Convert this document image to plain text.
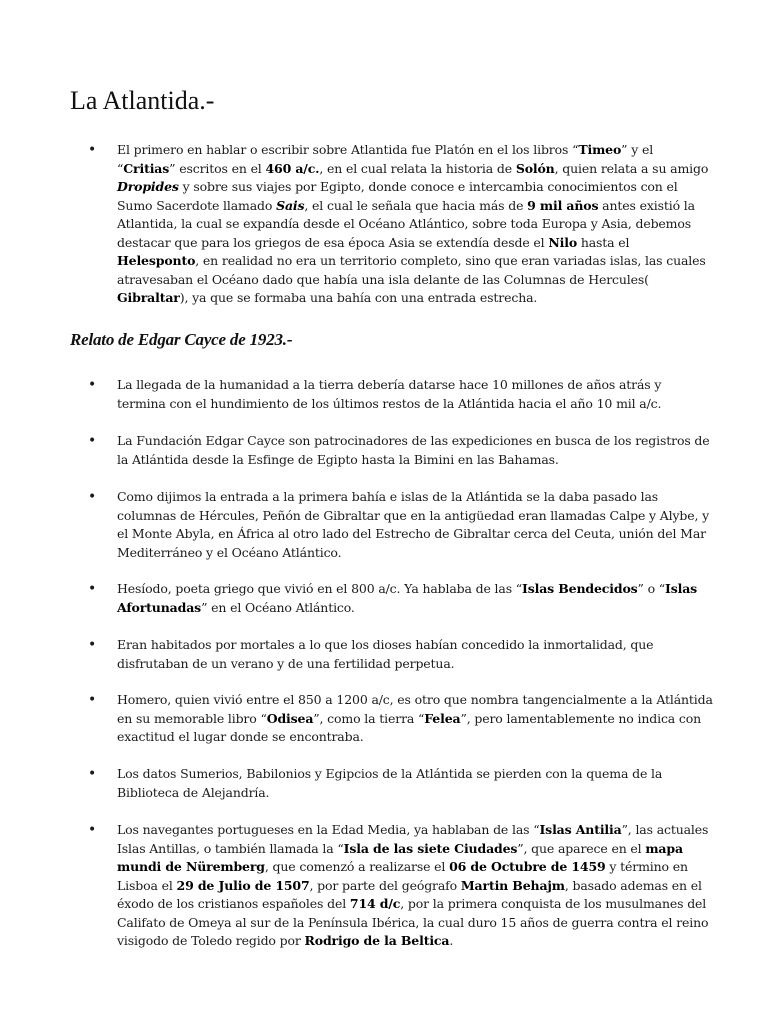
La Atlantida.-
• El primero en hablar o escribir sobre Atlantida fue Platón en el los libros “Timeo” y el “Critias” escritos en el 460 a/c., en el cual relata la historia de Solón, quien relata a su amigo Dropides y sobre sus viajes por Egipto, donde conoce e intercambia conocimientos con el Sumo Sacerdote llamado Sais, el cual le señala que hacia más de 9 mil años antes existió la Atlantida, la cual se expandía desde el Océano Atlántico, sobre toda Europa y Asia, debemos destacar que para los griegos de esa época Asia se extendía desde el Nilo hasta el Helesponto, en realidad no era un territorio completo, sino que eran variadas islas, las cuales atravesaban el Océano dado que había una isla delante de las Columnas de Hercules( Gibraltar), ya que se formaba una bahía con una entrada estrecha.
Relato de Edgar Cayce de 1923.-
• La llegada de la humanidad a la tierra debería datarse hace 10 millones de años atrás y termina con el hundimiento de los últimos restos de la Atlántida hacia el año 10 mil a/c.
• La Fundación Edgar Cayce son patrocinadores de las expediciones en busca de los registros de la Atlántida desde la Esfinge de Egipto hasta la Bimini en las Bahamas.
• Como dijimos la entrada a la primera bahía e islas de la Atlántida se la daba pasado las columnas de Hércules, Peñón de Gibraltar que en la antigüedad eran llamadas Calpe y Alybe, y el Monte Abyla, en África al otro lado del Estrecho de Gibraltar cerca del Ceuta, unión del Mar Mediterráneo y el Océano Atlántico.
• Hesíodo, poeta griego que vivió en el 800 a/c. Ya hablaba de las “Islas Bendecidos” o “Islas Afortunadas” en el Océano Atlántico.
• Eran habitados por mortales a lo que los dioses habían concedido la inmortalidad, que disfrutaban de un verano y de una fertilidad perpetua.
• Homero, quien vivió entre el 850 a 1200 a/c, es otro que nombra tangencialmente a la Atlántida en su memorable libro “Odisea”, como la tierra “Felea”, pero lamentablemente no indica con exactitud el lugar donde se encontraba.
• Los datos Sumerios, Babilonios y Egipcios de la Atlántida se pierden con la quema de la Biblioteca de Alejandría.
• Los navegantes portugueses en la Edad Media, ya hablaban de las “Islas Antilia”, las actuales Islas Antillas, o también llamada la “Isla de las siete Ciudades”, que aparece en el mapa mundi de Nüremberg, que comenzó a realizarse el 06 de Octubre de 1459 y término en Lisboa el 29 de Julio de 1507, por parte del geógrafo Martin Behajm, basado ademas en el éxodo de los cristianos españoles del 714 d/c, por la primera conquista de los musulmanes del Califato de Omeya al sur de la Península Ibérica, la cual duro 15 años de guerra contra el reino visigodo de Toledo regido por Rodrigo de la Beltica.
